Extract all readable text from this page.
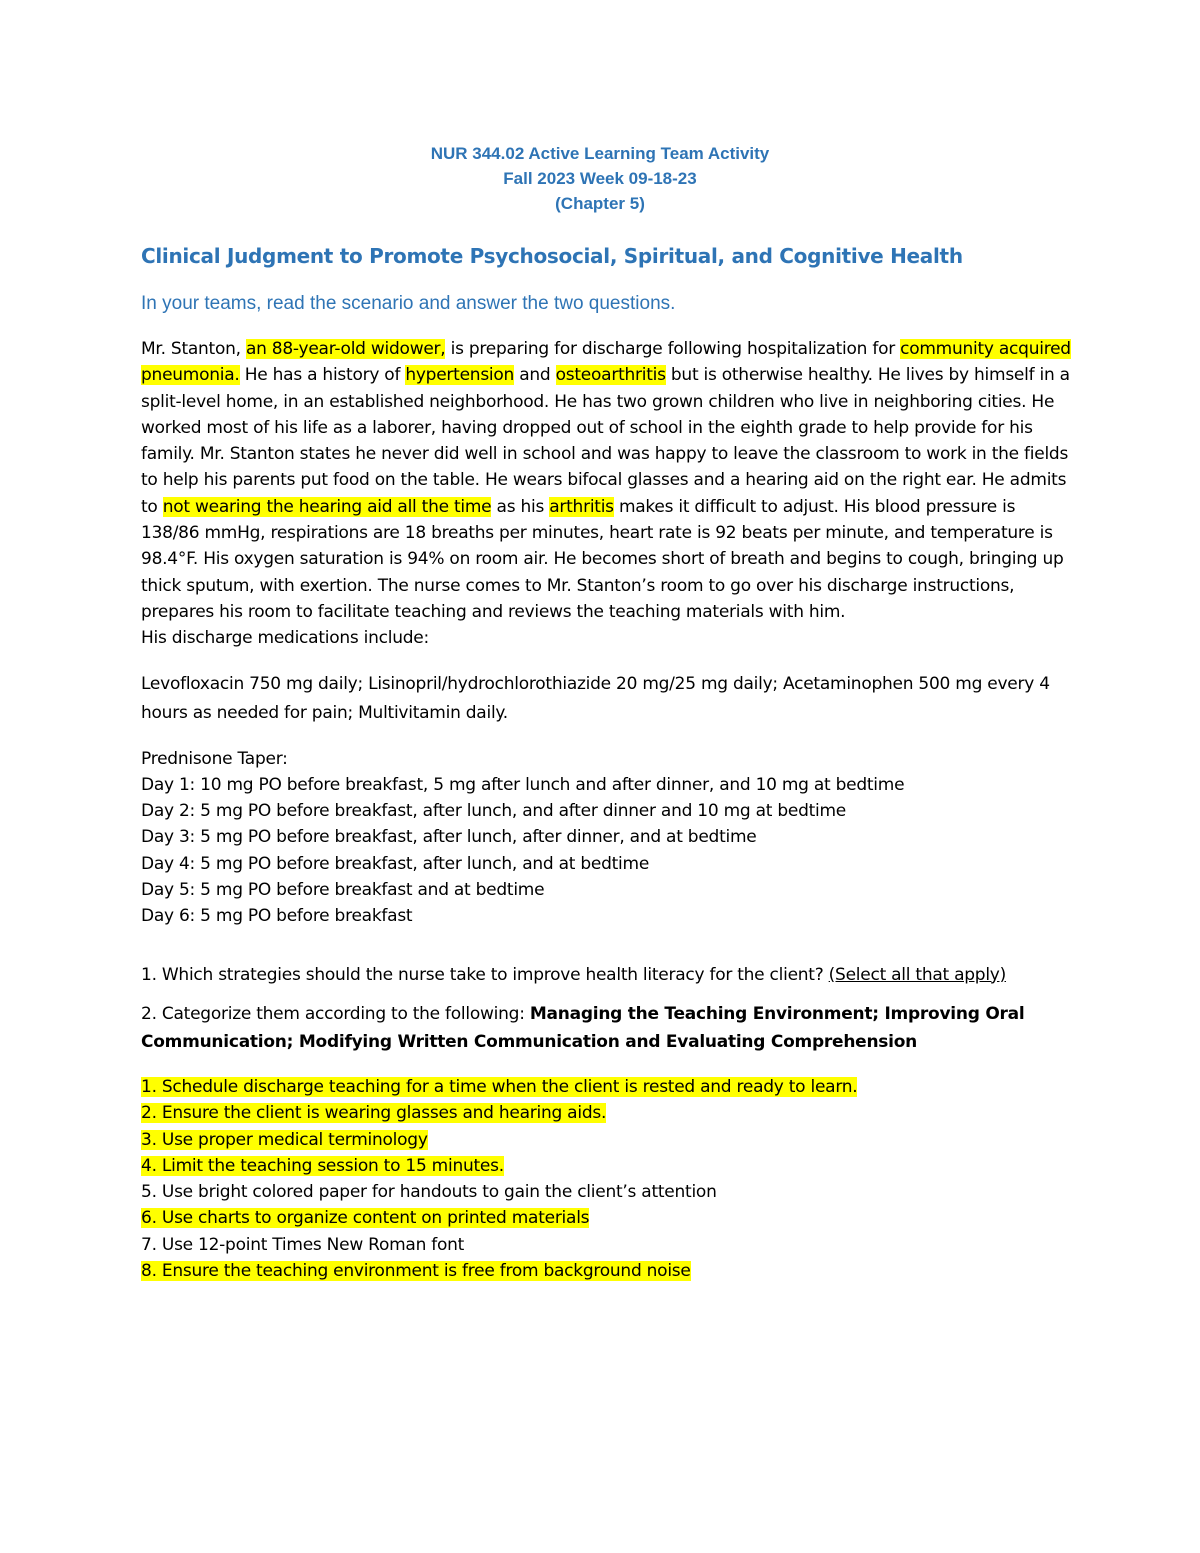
NUR 344.02 Active Learning Team Activity
Fall 2023 Week 09-18-23
(Chapter 5)
Clinical Judgment to Promote Psychosocial, Spiritual, and Cognitive Health
In your teams, read the scenario and answer the two questions.
Mr. Stanton, an 88-year-old widower, is preparing for discharge following hospitalization for community acquired pneumonia. He has a history of hypertension and osteoarthritis but is otherwise healthy. He lives by himself in a split-level home, in an established neighborhood. He has two grown children who live in neighboring cities. He worked most of his life as a laborer, having dropped out of school in the eighth grade to help provide for his family. Mr. Stanton states he never did well in school and was happy to leave the classroom to work in the fields to help his parents put food on the table. He wears bifocal glasses and a hearing aid on the right ear. He admits to not wearing the hearing aid all the time as his arthritis makes it difficult to adjust. His blood pressure is 138/86 mmHg, respirations are 18 breaths per minutes, heart rate is 92 beats per minute, and temperature is 98.4°F. His oxygen saturation is 94% on room air. He becomes short of breath and begins to cough, bringing up thick sputum, with exertion. The nurse comes to Mr. Stanton’s room to go over his discharge instructions, prepares his room to facilitate teaching and reviews the teaching materials with him.
His discharge medications include:
Levofloxacin 750 mg daily; Lisinopril/hydrochlorothiazide 20 mg/25 mg daily; Acetaminophen 500 mg every 4 hours as needed for pain; Multivitamin daily.
Prednisone Taper:
Day 1: 10 mg PO before breakfast, 5 mg after lunch and after dinner, and 10 mg at bedtime
Day 2: 5 mg PO before breakfast, after lunch, and after dinner and 10 mg at bedtime
Day 3: 5 mg PO before breakfast, after lunch, after dinner, and at bedtime
Day 4: 5 mg PO before breakfast, after lunch, and at bedtime
Day 5: 5 mg PO before breakfast and at bedtime
Day 6: 5 mg PO before breakfast
1. Which strategies should the nurse take to improve health literacy for the client? (Select all that apply)
2. Categorize them according to the following: Managing the Teaching Environment; Improving Oral Communication; Modifying Written Communication and Evaluating Comprehension
1. Schedule discharge teaching for a time when the client is rested and ready to learn.
2. Ensure the client is wearing glasses and hearing aids.
3. Use proper medical terminology
4. Limit the teaching session to 15 minutes.
5. Use bright colored paper for handouts to gain the client’s attention
6. Use charts to organize content on printed materials
7. Use 12-point Times New Roman font
8. Ensure the teaching environment is free from background noise
